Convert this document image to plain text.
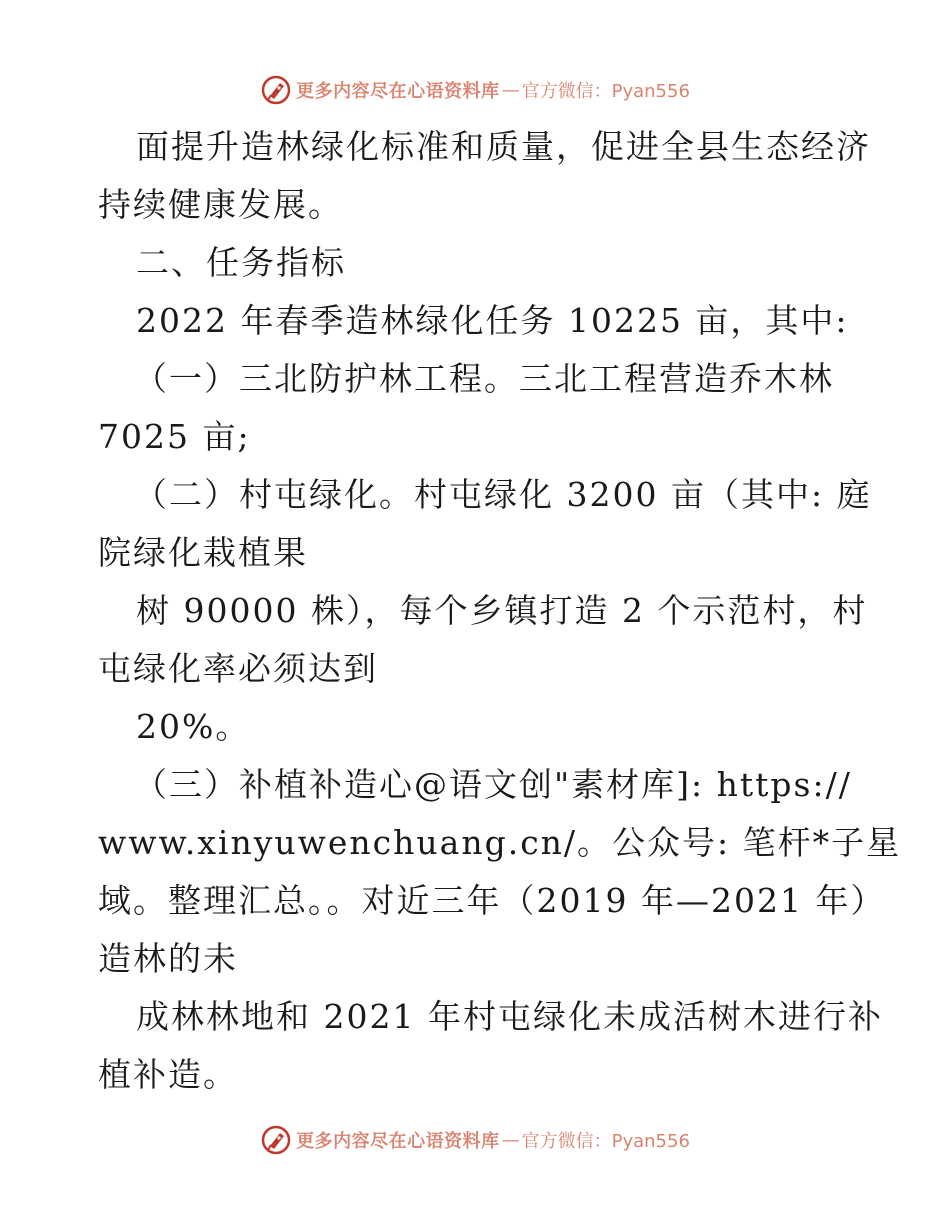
更多内容尽在心语资料库 — 官方微信：Pyan556
面提升造林绿化标准和质量，促进全县生态经济
持续健康发展。
二、任务指标
2022 年春季造林绿化任务 10225 亩，其中:
（一）三北防护林工程。三北工程营造乔木林
7025 亩;
（二）村屯绿化。村屯绿化 3200 亩（其中: 庭
院绿化栽植果
树 90000 株），每个乡镇打造 2 个示范村，村
屯绿化率必须达到
20%。
（三）补植补造心@语文创"素材库]: https://
www.xinyuwenchuang.cn/。公众号: 笔杆*子星
域。整理汇总。。对近三年（2019 年—2021 年）
造林的未
成林林地和 2021 年村屯绿化未成活树木进行补
植补造。
更多内容尽在心语资料库 — 官方微信：Pyan556
